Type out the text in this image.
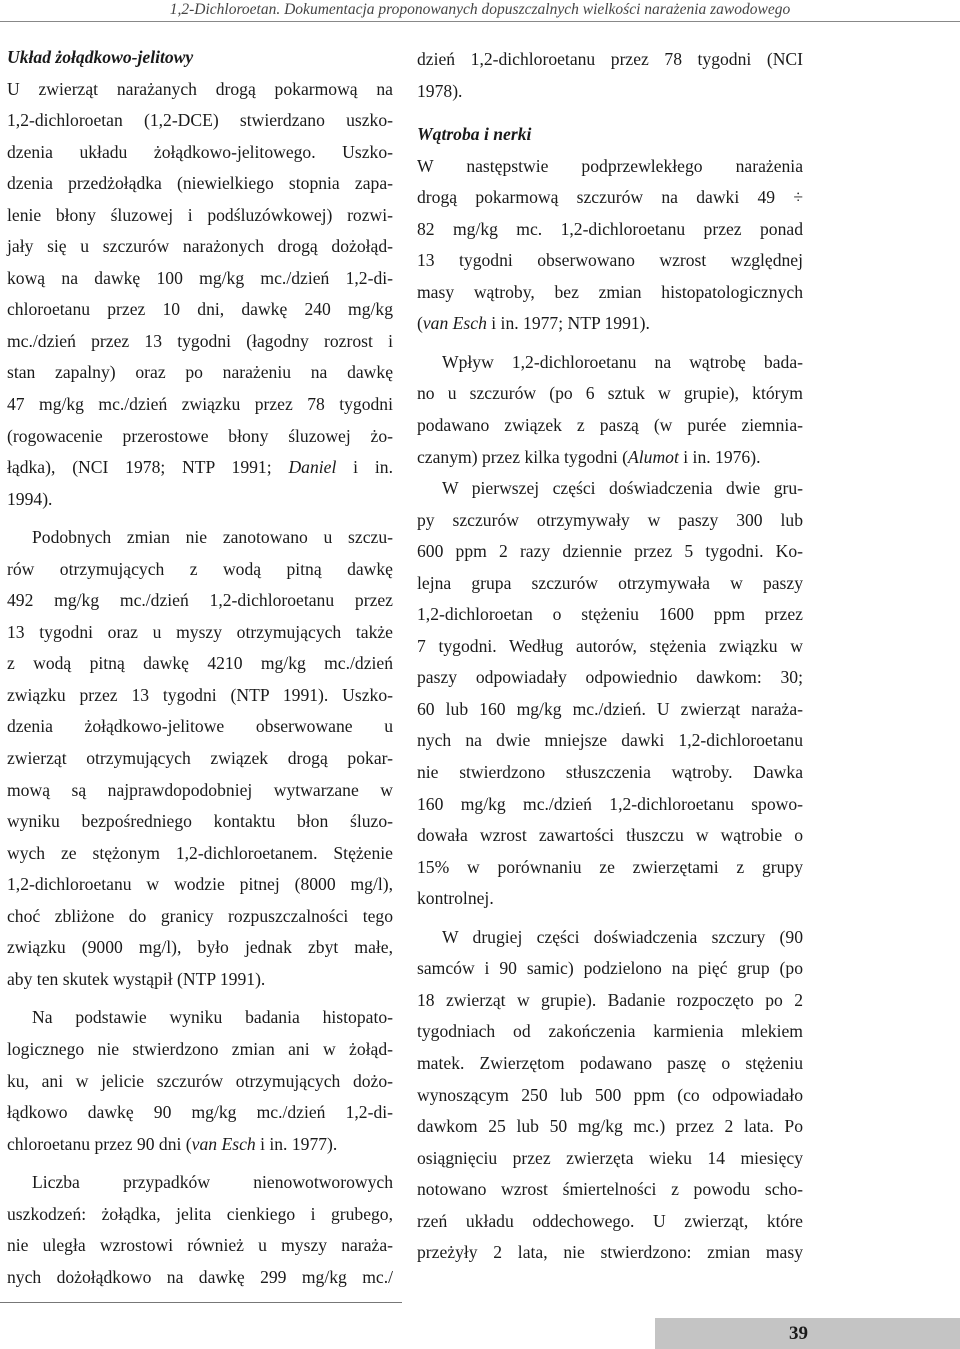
1,2-Dichloroetan. Dokumentacja proponowanych dopuszczalnych wielkości narażenia zawodowego

Układ żołądkowo-jelitowy

U zwierząt narażanych drogą pokarmową na
1,2-dichloroetan (1,2-DCE) stwierdzano uszko-
dzenia układu żołądkowo-jelitowego. Uszko-
dzenia przedżołądka (niewielkiego stopnia zapa-
lenie błony śluzowej i podśluzówkowej) rozwi-
jały się u szczurów narażonych drogą dożołąd-
kową na dawkę 100 mg/kg mc./dzień 1,2-di-
chloroetanu przez 10 dni, dawkę 240 mg/kg
mc./dzień przez 13 tygodni (łagodny rozrost i
stan zapalny) oraz po narażeniu na dawkę
47 mg/kg mc./dzień związku przez 78 tygodni
(rogowacenie przerostowe błony śluzowej żo-
łądka), (NCI 1978; NTP 1991; Daniel i in.
1994).

Podobnych zmian nie zanotowano u szczu-
rów otrzymujących z wodą pitną dawkę
492 mg/kg mc./dzień 1,2-dichloroetanu przez
13 tygodni oraz u myszy otrzymujących także
z wodą pitną dawkę 4210 mg/kg mc./dzień
związku przez 13 tygodni (NTP 1991). Uszko-
dzenia żołądkowo-jelitowe obserwowane u
zwierząt otrzymujących związek drogą pokar-
mową są najprawdopodobniej wytwarzane w
wyniku bezpośredniego kontaktu błon śluzo-
wych ze stężonym 1,2-dichloroetanem. Stężenie
1,2-dichloroetanu w wodzie pitnej (8000 mg/l),
choć zbliżone do granicy rozpuszczalności tego
związku (9000 mg/l), było jednak zbyt małe,
aby ten skutek wystąpił (NTP 1991).

Na podstawie wyniku badania histopato-
logicznego nie stwierdzono zmian ani w żołąd-
ku, ani w jelicie szczurów otrzymujących dożo-
łądkowo dawkę 90 mg/kg mc./dzień 1,2-di-
chloroetanu przez 90 dni (van Esch i in. 1977).

Liczba przypadków nienowotworowych
uszkodzeń: żołądka, jelita cienkiego i grubego,
nie uległa wzrostowi również u myszy naraża-
nych dożołądkowo na dawkę 299 mg/kg mc./

dzień 1,2-dichloroetanu przez 78 tygodni (NCI
1978).

Wątroba i nerki

W następstwie podprzewlekłego narażenia
drogą pokarmową szczurów na dawki 49 ÷
82 mg/kg mc. 1,2-dichloroetanu przez ponad
13 tygodni obserwowano wzrost względnej
masy wątroby, bez zmian histopatologicznych
(van Esch i in. 1977; NTP 1991).

Wpływ 1,2-dichloroetanu na wątrobę bada-
no u szczurów (po 6 sztuk w grupie), którym
podawano związek z paszą (w purée ziemnia-
czanym) przez kilka tygodni (Alumot i in. 1976).

W pierwszej części doświadczenia dwie gru-
py szczurów otrzymywały w paszy 300 lub
600 ppm 2 razy dziennie przez 5 tygodni. Ko-
lejna grupa szczurów otrzymywała w paszy
1,2-dichloroetan o stężeniu 1600 ppm przez
7 tygodni. Według autorów, stężenia związku w
paszy odpowiadały odpowiednio dawkom: 30;
60 lub 160 mg/kg mc./dzień. U zwierząt naraża-
nych na dwie mniejsze dawki 1,2-dichloroetanu
nie stwierdzono stłuszczenia wątroby. Dawka
160 mg/kg mc./dzień 1,2-dichloroetanu spowo-
dowała wzrost zawartości tłuszczu w wątrobie o
15% w porównaniu ze zwierzętami z grupy
kontrolnej.

W drugiej części doświadczenia szczury (90
samców i 90 samic) podzielono na pięć grup (po
18 zwierząt w grupie). Badanie rozpoczęto po 2
tygodniach od zakończenia karmienia mlekiem
matek. Zwierzętom podawano paszę o stężeniu
wynoszącym 250 lub 500 ppm (co odpowiadało
dawkom 25 lub 50 mg/kg mc.) przez 2 lata. Po
osiągnięciu przez zwierzęta wieku 14 miesięcy
notowano wzrost śmiertelności z powodu scho-
rzeń układu oddechowego. U zwierząt, które
przeżyły 2 lata, nie stwierdzono: zmian masy

39
